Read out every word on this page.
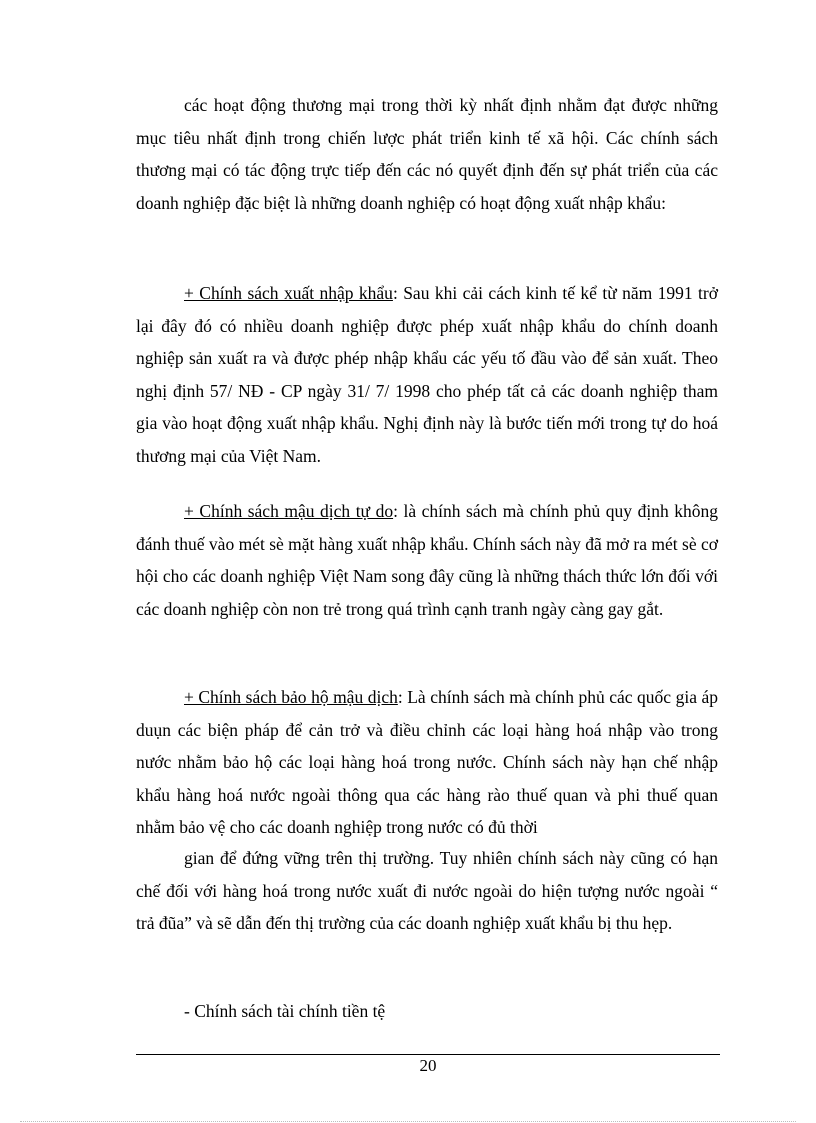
các hoạt động thương mại trong thời kỳ nhất định nhằm đạt được những mục tiêu nhất định trong chiến lược phát triển kinh tế xã hội. Các chính sách thương mại có tác động trực tiếp đến các nó quyết định đến sự phát triển của các doanh nghiệp đặc biệt là những doanh nghiệp có hoạt động xuất nhập khẩu:

+ Chính sách xuất nhập khẩu: Sau khi cải cách kinh tế kể từ năm 1991 trở lại đây đó có nhiều doanh nghiệp được phép xuất nhập khẩu do chính doanh nghiệp sản xuất ra và được phép nhập khẩu các yếu tố đầu vào để sản xuất. Theo nghị định 57/ NĐ - CP ngày 31/ 7/ 1998 cho phép tất cả các doanh nghiệp tham gia vào hoạt động xuất nhập khẩu. Nghị định này là bước tiến mới trong tự do hoá thương mại của Việt Nam.

+ Chính sách mậu dịch tự do: là chính sách mà chính phủ quy định không đánh thuế vào mét sè mặt hàng xuất nhập khẩu. Chính sách này đã mở ra mét sè cơ hội cho các doanh nghiệp Việt Nam song đây cũng là những thách thức lớn đối với các doanh nghiệp còn non trẻ trong quá trình cạnh tranh ngày càng gay gắt.

+ Chính sách bảo hộ mậu dịch: Là chính sách mà chính phủ các quốc gia áp duụn các biện pháp để cản trở và điều chỉnh các loại hàng hoá nhập vào trong nước nhằm bảo hộ các loại hàng hoá trong nước. Chính sách này hạn chế nhập khẩu hàng hoá nước ngoài thông qua các hàng rào thuế quan và phi thuế quan nhằm bảo vệ cho các doanh nghiệp trong nước có đủ thời

gian để đứng vững trên thị trường. Tuy nhiên chính sách này cũng có hạn chế đối với hàng hoá trong nước xuất đi nước ngoài do hiện tượng nước ngoài “ trả đũa” và sẽ dẫn đến thị trường của các doanh nghiệp xuất khẩu bị thu hẹp.

- Chính sách tài chính tiền tệ

20
